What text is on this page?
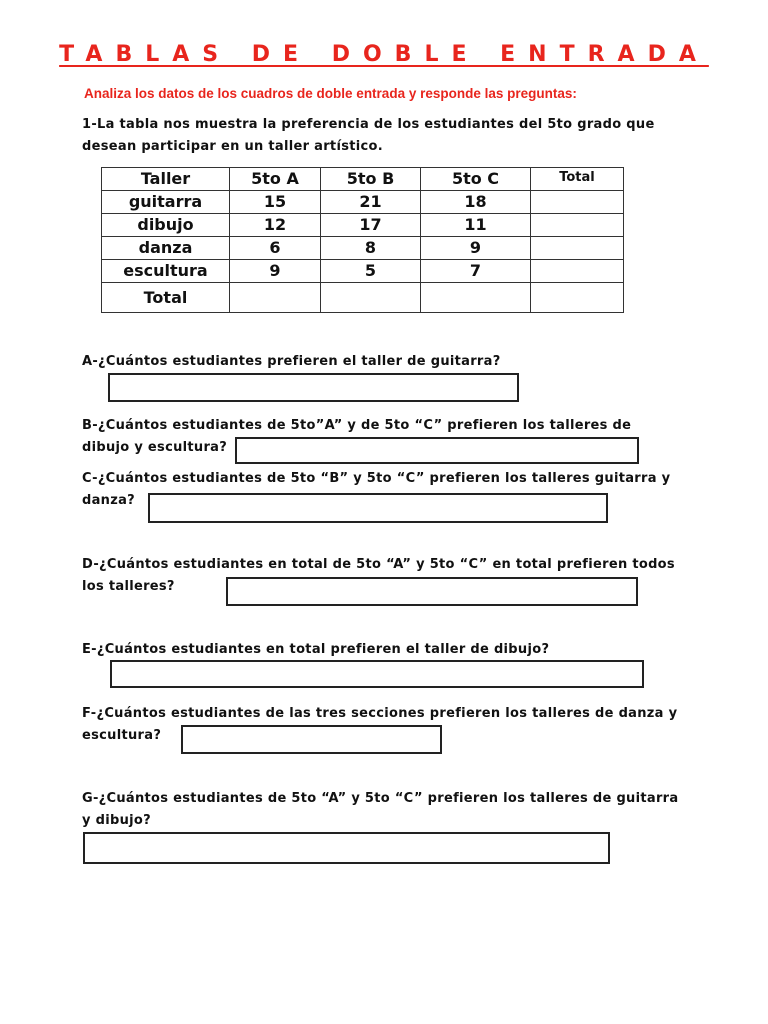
TABLAS DE DOBLE ENTRADA
Analiza los datos de los cuadros de doble entrada y responde las preguntas:
1-La tabla nos muestra la preferencia de los estudiantes del 5to grado que desean participar en un taller artístico.
Taller	5to A	5to B	5to C	Total
guitarra	15	21	18	
dibujo	12	17	11	
danza	6	8	9	
escultura	9	5	7	
Total				
A-¿Cuántos estudiantes prefieren el taller de guitarra?
B-¿Cuántos estudiantes de 5to”A” y de 5to “C” prefieren los talleres de dibujo y escultura?
C-¿Cuántos estudiantes de 5to “B” y 5to “C” prefieren los talleres guitarra y danza?
D-¿Cuántos estudiantes en total de 5to “A” y 5to “C” en total prefieren todos los talleres?
E-¿Cuántos estudiantes en total prefieren el taller de dibujo?
F-¿Cuántos estudiantes de las tres secciones prefieren los talleres de danza y escultura?
G-¿Cuántos estudiantes de 5to “A” y 5to “C” prefieren los talleres de guitarra y dibujo?
